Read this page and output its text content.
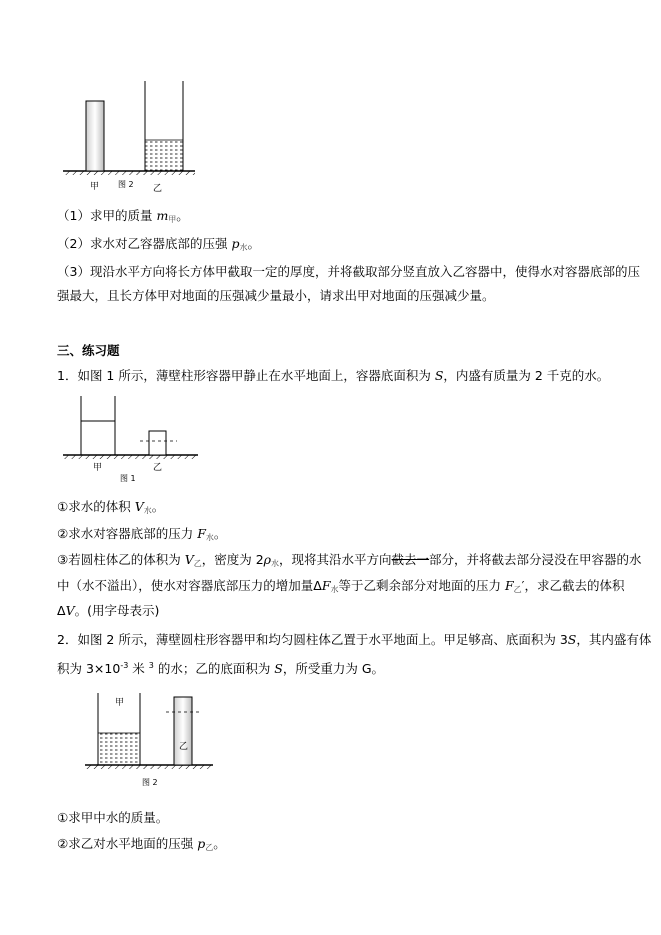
甲 图 2 乙
（1）求甲的质量 $m_甲$。
（2）求水对乙容器底部的压强 $p_水$。
（3）现沿水平方向将长方体甲截取一定的厚度，并将截取部分竖直放入乙容器中，使得水对容器底部的压
强最大，且长方体甲对地面的压强减少量最小，请求出甲对地面的压强减少量。
三、练习题
1．如图 1 所示，薄壁柱形容器甲静止在水平地面上，容器底面积为 S，内盛有质量为 2 千克的水。
甲	乙
图 1
①求水的体积 $V_水$。
②求水对容器底部的压力 $F_水$。
③若圆柱体乙的体积为 $V_乙$，密度为 $2\rho_水$，现将其沿水平方向截去一部分，并将截去部分浸没在甲容器的水
中（水不溢出），使水对容器底部压力的增加量$\Delta F_水$等于乙剩余部分对地面的压力 $F_乙'$，求乙截去的体积
ΔV。(用字母表示)
2．如图 2 所示，薄壁圆柱形容器甲和均匀圆柱体乙置于水平地面上。甲足够高、底面积为 3S，其内盛有体
积为 $3\times 10^{-3}$ 米 $^3$ 的水；乙的底面积为 S，所受重力为 G。
甲
乙
图 2
①求甲中水的质量。
②求乙对水平地面的压强 $p_乙$。
